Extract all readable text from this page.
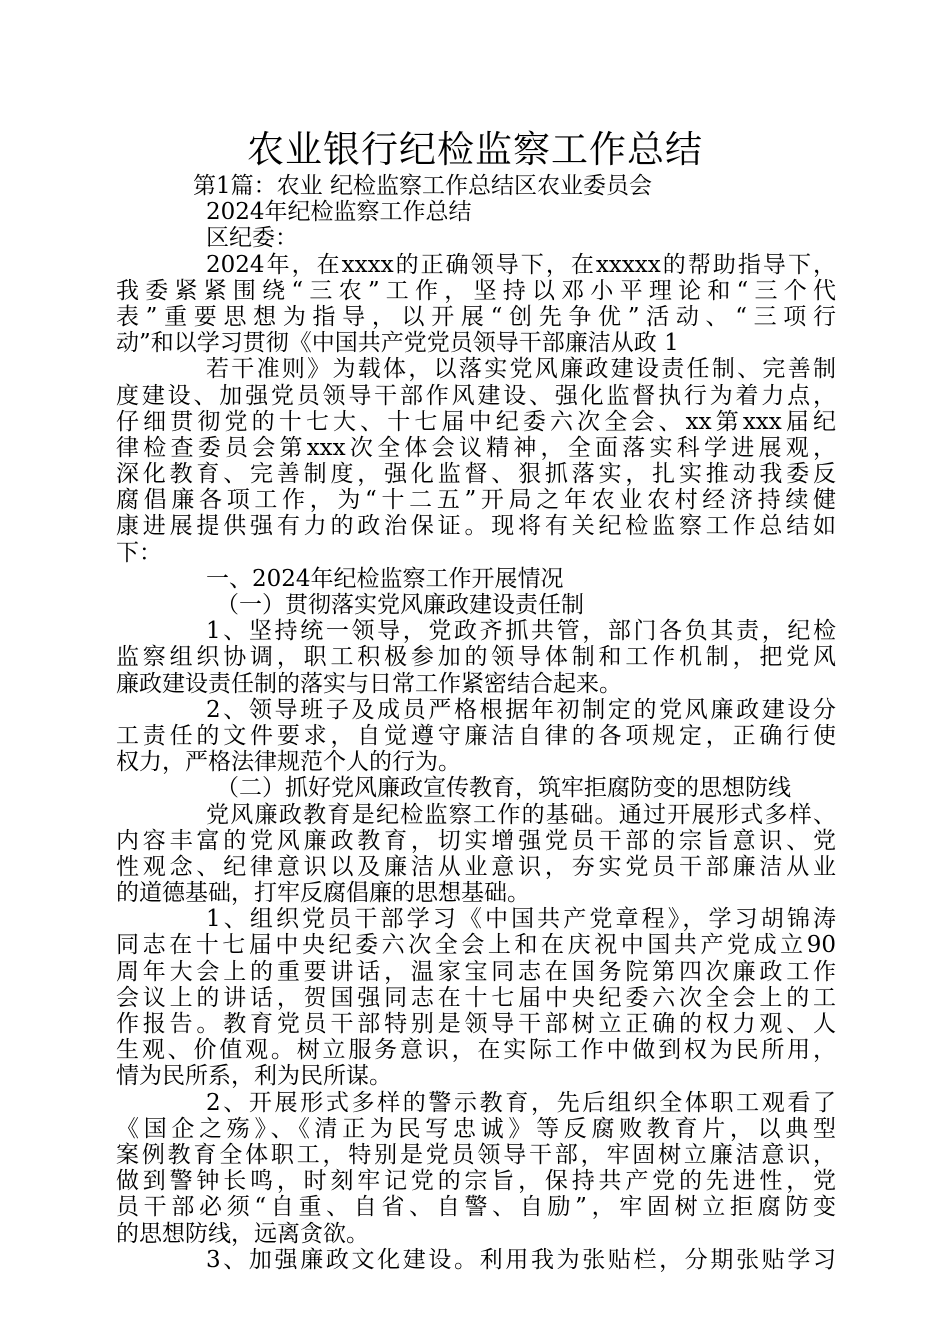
农业银行纪检监察工作总结

第1篇：农业 纪检监察工作总结区农业委员会

2024年纪检监察工作总结

区纪委：

2024年，在xxxx的正确领导下，在xxxxx的帮助指导下，

我委紧紧围绕“三农”工作，坚持以邓小平理论和“三个代

表”重要思想为指导，以开展“创先争优”活动、“三项行

动”和以学习贯彻《中国共产党党员领导干部廉洁从政 1

若干准则》为载体，以落实党风廉政建设责任制、完善制

度建设、加强党员领导干部作风建设、强化监督执行为着力点，

仔细贯彻党的十七大、十七届中纪委六次全会、xx第xxx届纪

律检查委员会第xxx次全体会议精神，全面落实科学进展观，

深化教育、完善制度，强化监督、狠抓落实，扎实推动我委反

腐倡廉各项工作，为“十二五”开局之年农业农村经济持续健

康进展提供强有力的政治保证。现将有关纪检监察工作总结如

下：

一、2024年纪检监察工作开展情况

（一）贯彻落实党风廉政建设责任制

1、坚持统一领导，党政齐抓共管，部门各负其责，纪检

监察组织协调，职工积极参加的领导体制和工作机制，把党风

廉政建设责任制的落实与日常工作紧密结合起来。

2、领导班子及成员严格根据年初制定的党风廉政建设分

工责任的文件要求，自觉遵守廉洁自律的各项规定，正确行使

权力，严格法律规范个人的行为。

（二）抓好党风廉政宣传教育，筑牢拒腐防变的思想防线

党风廉政教育是纪检监察工作的基础。通过开展形式多样、

内容丰富的党风廉政教育，切实增强党员干部的宗旨意识、党

性观念、纪律意识以及廉洁从业意识，夯实党员干部廉洁从业

的道德基础，打牢反腐倡廉的思想基础。

1、组织党员干部学习《中国共产党章程》，学习胡锦涛

同志在十七届中央纪委六次全会上和在庆祝中国共产党成立90

周年大会上的重要讲话，温家宝同志在国务院第四次廉政工作

会议上的讲话，贺国强同志在十七届中央纪委六次全会上的工

作报告。教育党员干部特别是领导干部树立正确的权力观、人

生观、价值观。树立服务意识，在实际工作中做到权为民所用，

情为民所系，利为民所谋。

2、开展形式多样的警示教育，先后组织全体职工观看了

《国企之殇》、《清正为民写忠诚》等反腐败教育片，以典型

案例教育全体职工，特别是党员领导干部，牢固树立廉洁意识，

做到警钟长鸣，时刻牢记党的宗旨，保持共产党的先进性，党

员干部必须“自重、自省、自警、自励”，牢固树立拒腐防变

的思想防线，远离贪欲。

3、加强廉政文化建设。利用我为张贴栏，分期张贴学习
